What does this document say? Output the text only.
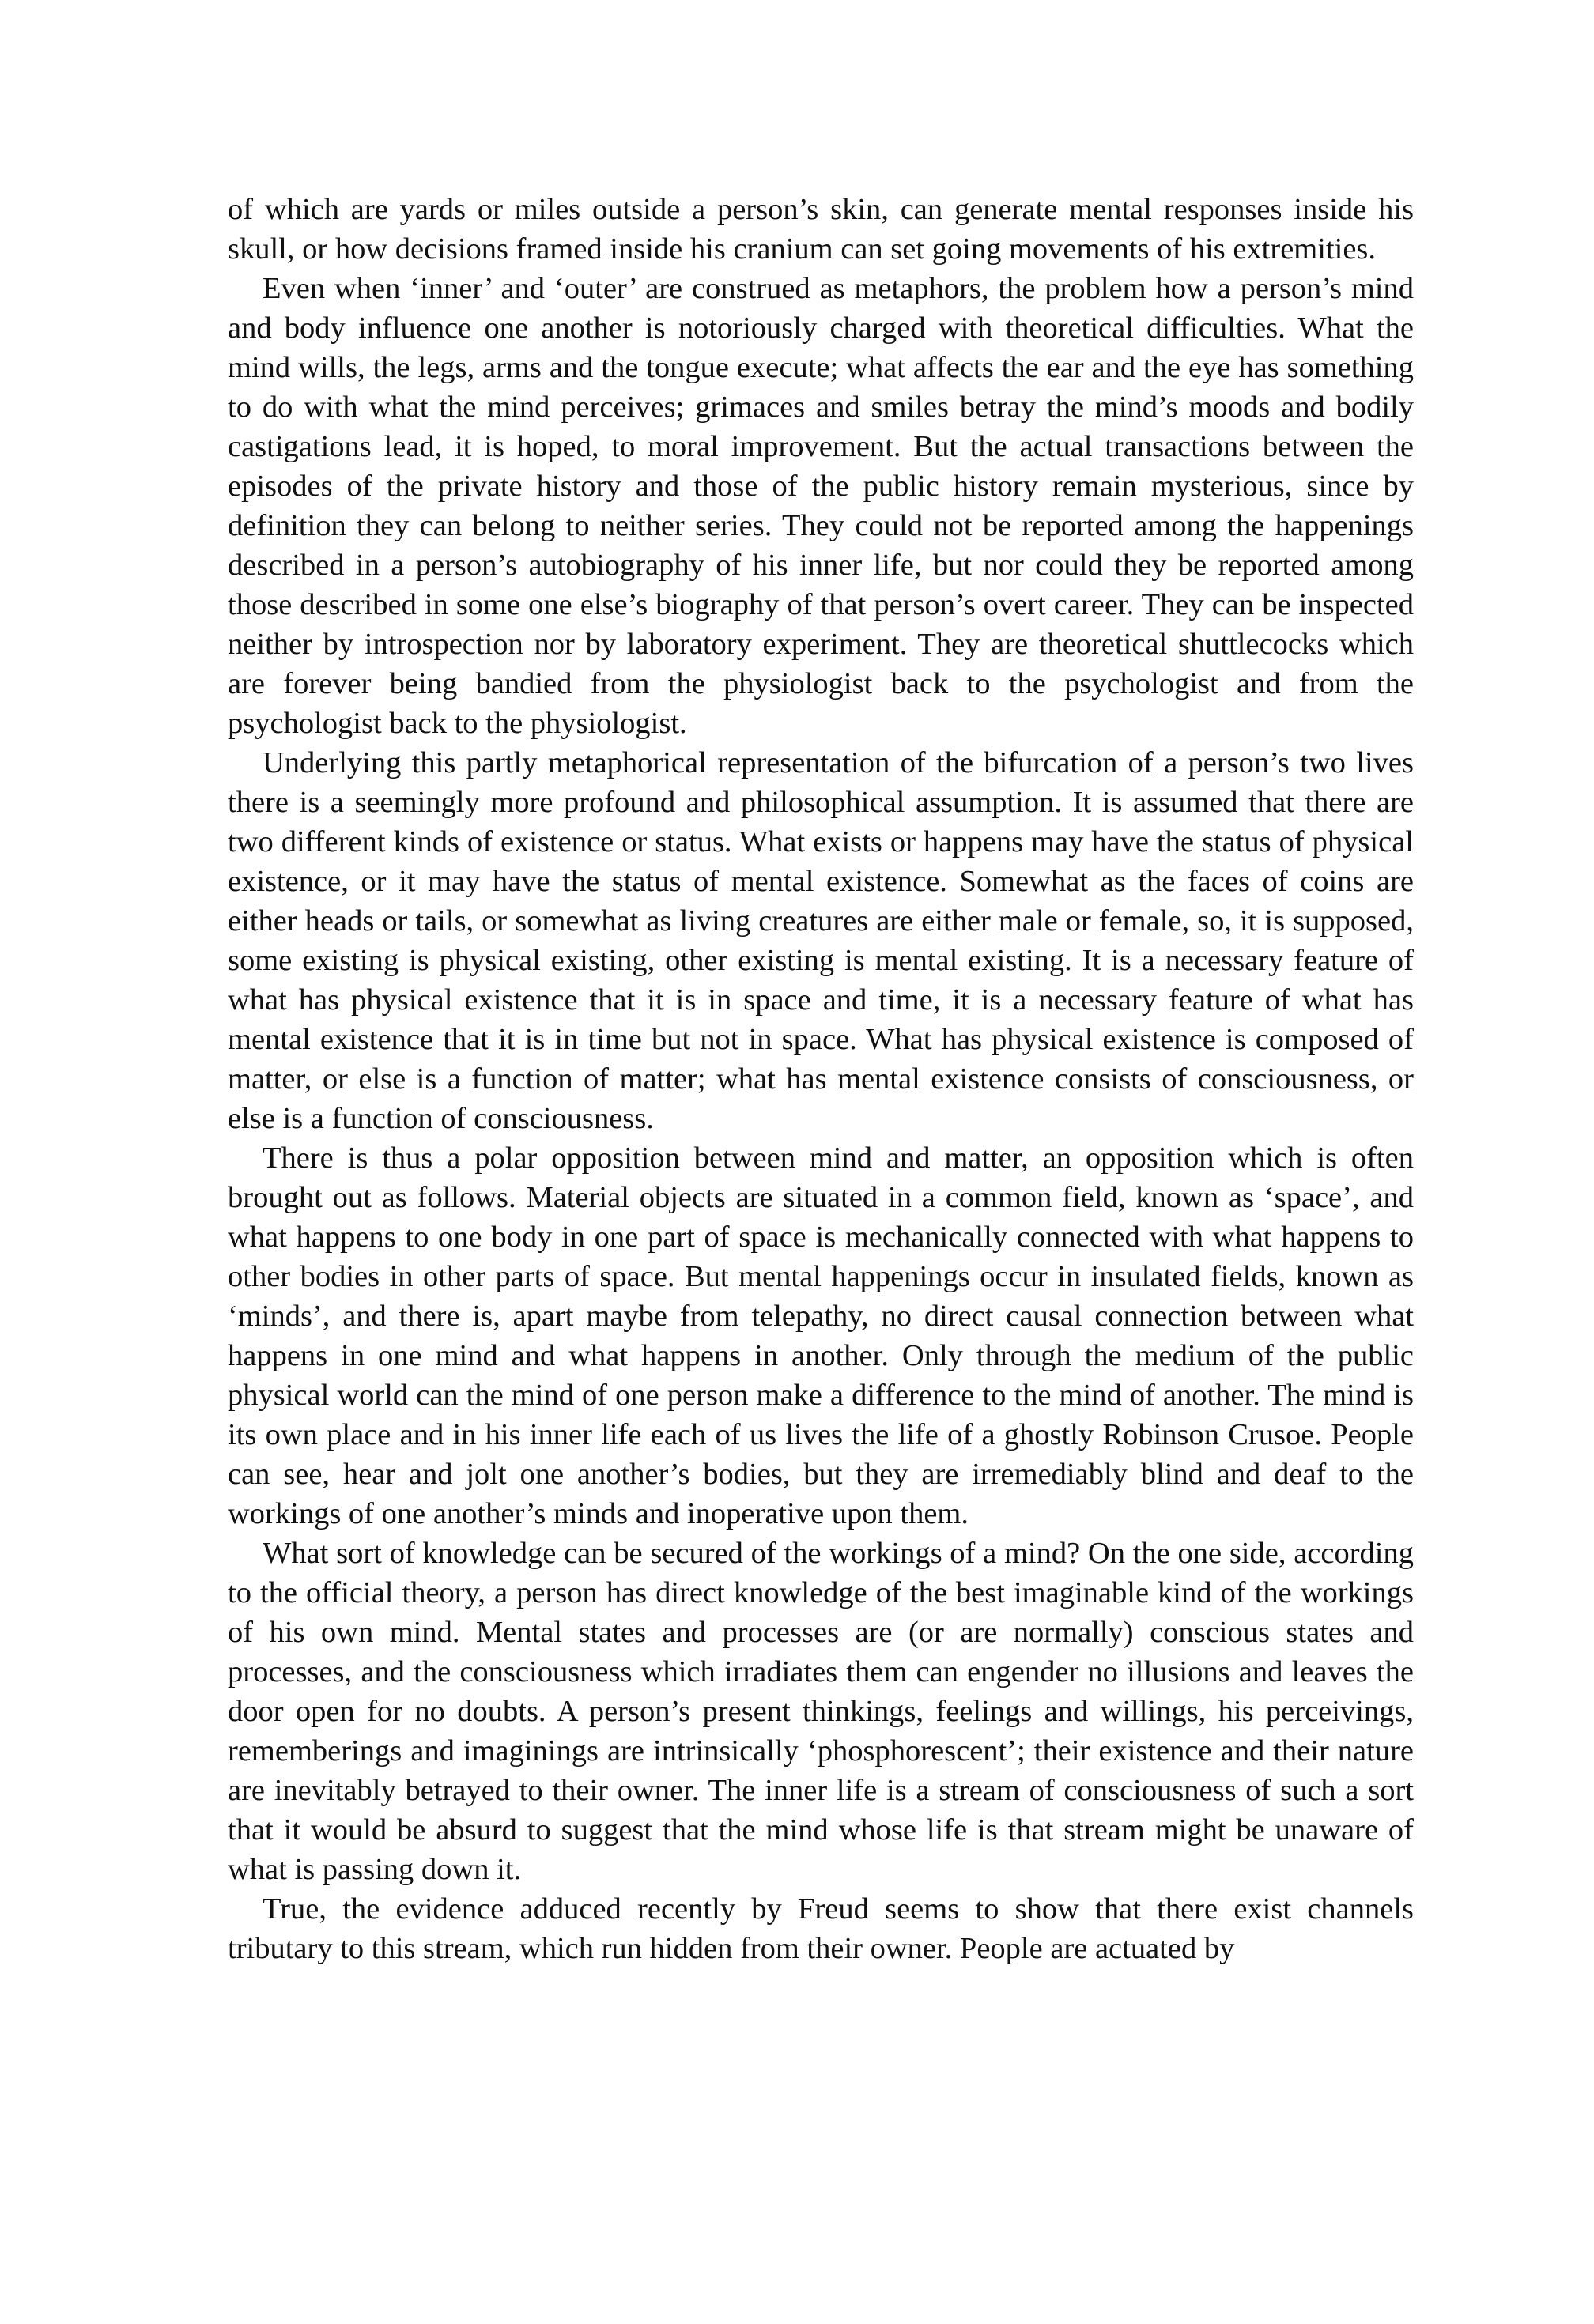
of which are yards or miles outside a person’s skin, can generate mental responses inside his skull, or how decisions framed inside his cranium can set going movements of his extremities.

Even when ‘inner’ and ‘outer’ are construed as metaphors, the problem how a person’s mind and body influence one another is notoriously charged with theoretical difficulties. What the mind wills, the legs, arms and the tongue execute; what affects the ear and the eye has something to do with what the mind perceives; grimaces and smiles betray the mind’s moods and bodily castigations lead, it is hoped, to moral improvement. But the actual transactions between the episodes of the private history and those of the public history remain mysterious, since by definition they can belong to neither series. They could not be reported among the happenings described in a person’s autobiography of his inner life, but nor could they be reported among those described in some one else’s biography of that person’s overt career. They can be inspected neither by introspection nor by laboratory experiment. They are theoretical shuttlecocks which are forever being bandied from the physiologist back to the psychologist and from the psychologist back to the physiologist.

Underlying this partly metaphorical representation of the bifurcation of a person’s two lives there is a seemingly more profound and philosophical assumption. It is assumed that there are two different kinds of existence or status. What exists or happens may have the status of physical existence, or it may have the status of mental existence. Somewhat as the faces of coins are either heads or tails, or somewhat as living creatures are either male or female, so, it is supposed, some existing is physical existing, other existing is mental existing. It is a necessary feature of what has physical existence that it is in space and time, it is a necessary feature of what has mental existence that it is in time but not in space. What has physical existence is composed of matter, or else is a function of matter; what has mental existence consists of consciousness, or else is a function of consciousness.

There is thus a polar opposition between mind and matter, an opposition which is often brought out as follows. Material objects are situated in a common field, known as ‘space’, and what happens to one body in one part of space is mechanically connected with what happens to other bodies in other parts of space. But mental happenings occur in insulated fields, known as ‘minds’, and there is, apart maybe from telepathy, no direct causal connection between what happens in one mind and what happens in another. Only through the medium of the public physical world can the mind of one person make a difference to the mind of another. The mind is its own place and in his inner life each of us lives the life of a ghostly Robinson Crusoe. People can see, hear and jolt one another’s bodies, but they are irremediably blind and deaf to the workings of one another’s minds and inoperative upon them.

What sort of knowledge can be secured of the workings of a mind? On the one side, according to the official theory, a person has direct knowledge of the best imaginable kind of the workings of his own mind. Mental states and processes are (or are normally) conscious states and processes, and the consciousness which irradiates them can engender no illusions and leaves the door open for no doubts. A person’s present thinkings, feelings and willings, his perceivings, rememberings and imaginings are intrinsically ‘phosphorescent’; their existence and their nature are inevitably betrayed to their owner. The inner life is a stream of consciousness of such a sort that it would be absurd to suggest that the mind whose life is that stream might be unaware of what is passing down it.

True, the evidence adduced recently by Freud seems to show that there exist channels tributary to this stream, which run hidden from their owner. People are actuated by
